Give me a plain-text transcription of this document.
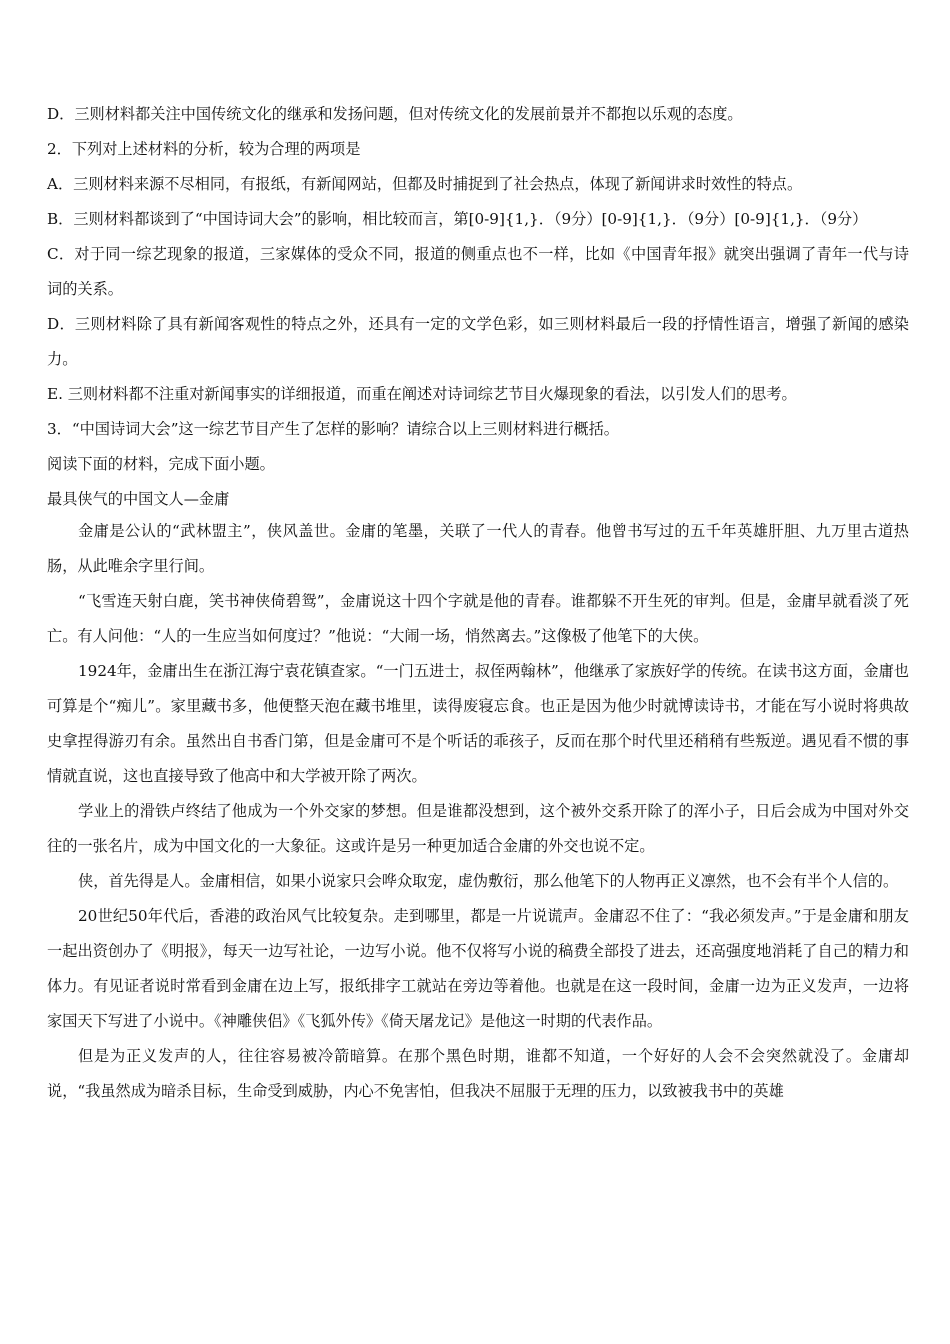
D．三则材料都关注中国传统文化的继承和发扬问题，但对传统文化的发展前景并不都抱以乐观的态度。

2．下列对上述材料的分析，较为合理的两项是

A．三则材料来源不尽相同，有报纸，有新闻网站，但都及时捕捉到了社会热点，体现了新闻讲求时效性的特点。

B．三则材料都谈到了“中国诗词大会”的影响，相比较而言，第[0-9]{1,}．（9分）[0-9]{1,}．（9分）[0-9]{1,}．（9分）

C．对于同一综艺现象的报道，三家媒体的受众不同，报道的侧重点也不一样，比如《中国青年报》就突出强调了青年一代与诗词的关系。

D．三则材料除了具有新闻客观性的特点之外，还具有一定的文学色彩，如三则材料最后一段的抒情性语言，增强了新闻的感染力。

E. 三则材料都不注重对新闻事实的详细报道，而重在阐述对诗词综艺节目火爆现象的看法，以引发人们的思考。

3．“中国诗词大会”这一综艺节目产生了怎样的影响？请综合以上三则材料进行概括。

阅读下面的材料，完成下面小题。

最具侠气的中国文人—金庸

金庸是公认的“武林盟主”，侠风盖世。金庸的笔墨，关联了一代人的青春。他曾书写过的五千年英雄肝胆、九万里古道热肠，从此唯余字里行间。

“飞雪连天射白鹿，笑书神侠倚碧鸳”，金庸说这十四个字就是他的青春。谁都躲不开生死的审判。但是，金庸早就看淡了死亡。有人问他：“人的一生应当如何度过？”他说：“大闹一场，悄然离去。”这像极了他笔下的大侠。

1924年，金庸出生在浙江海宁袁花镇查家。“一门五进士，叔侄两翰林”，他继承了家族好学的传统。在读书这方面，金庸也可算是个“痴儿”。家里藏书多，他便整天泡在藏书堆里，读得废寝忘食。也正是因为他少时就博读诗书，才能在写小说时将典故史拿捏得游刃有余。虽然出自书香门第，但是金庸可不是个听话的乖孩子，反而在那个时代里还稍稍有些叛逆。遇见看不惯的事情就直说，这也直接导致了他高中和大学被开除了两次。

学业上的滑铁卢终结了他成为一个外交家的梦想。但是谁都没想到，这个被外交系开除了的浑小子，日后会成为中国对外交往的一张名片，成为中国文化的一大象征。这或许是另一种更加适合金庸的外交也说不定。

侠，首先得是人。金庸相信，如果小说家只会哗众取宠，虚伪敷衍，那么他笔下的人物再正义凛然，也不会有半个人信的。

20世纪50年代后，香港的政治风气比较复杂。走到哪里，都是一片说谎声。金庸忍不住了：“我必须发声。”于是金庸和朋友一起出资创办了《明报》，每天一边写社论，一边写小说。他不仅将写小说的稿费全部投了进去，还高强度地消耗了自己的精力和体力。有见证者说时常看到金庸在边上写，报纸排字工就站在旁边等着他。也就是在这一段时间，金庸一边为正义发声，一边将家国天下写进了小说中。《神雕侠侣》《飞狐外传》《倚天屠龙记》是他这一时期的代表作品。

但是为正义发声的人，往往容易被冷箭暗算。在那个黑色时期，谁都不知道，一个好好的人会不会突然就没了。金庸却说，“我虽然成为暗杀目标，生命受到威胁，内心不免害怕，但我决不屈服于无理的压力，以致被我书中的英雄
